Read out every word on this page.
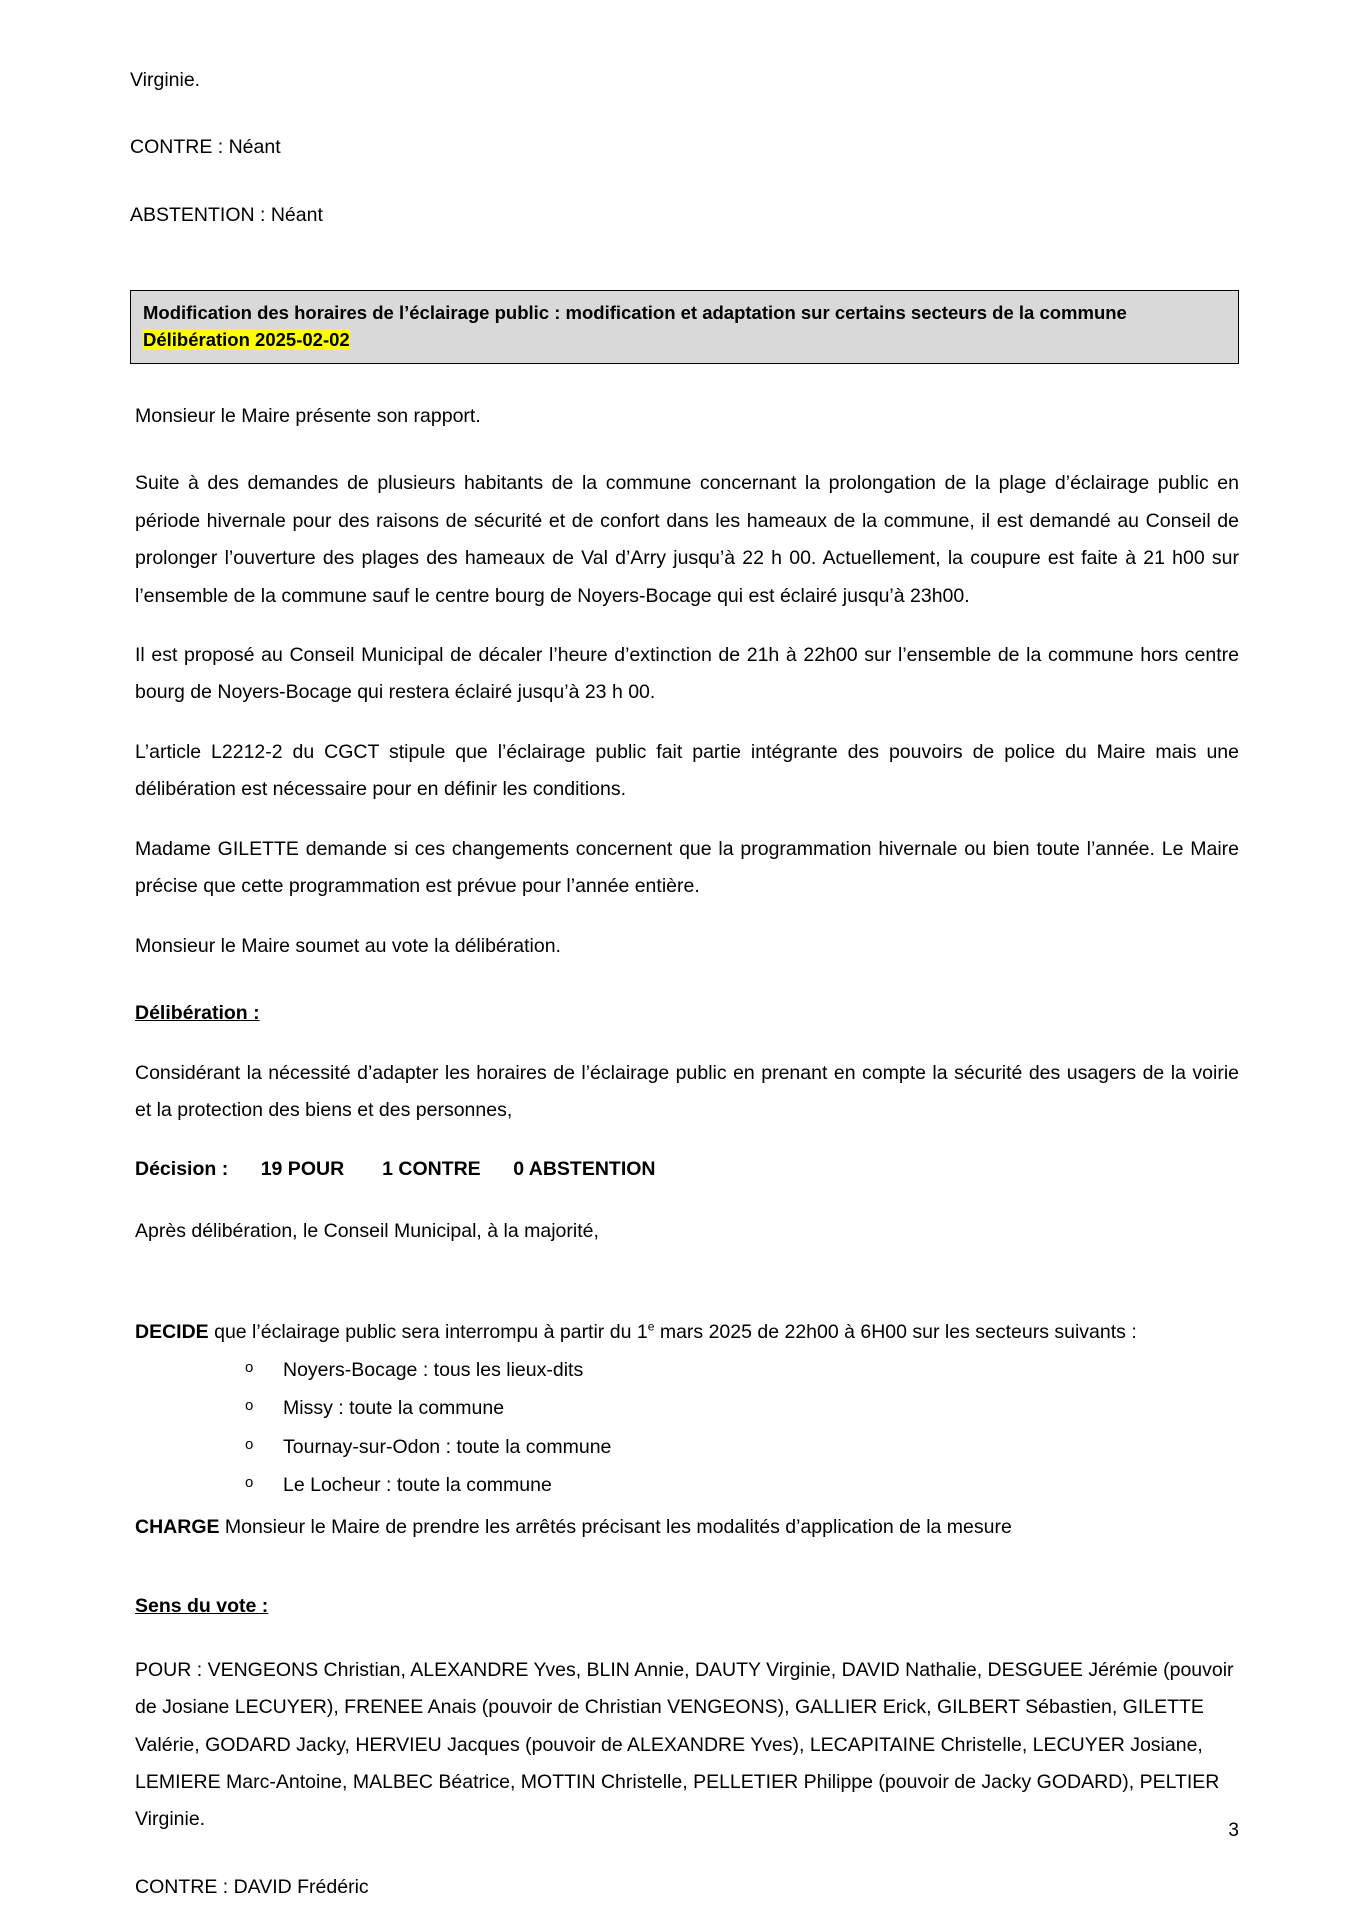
Virginie.

CONTRE : Néant

ABSTENTION : Néant

Modification des horaires de l’éclairage public : modification et adaptation sur certains secteurs de la commune
Délibération 2025-02-02

Monsieur le Maire présente son rapport.

Suite à des demandes de plusieurs habitants de la commune concernant la prolongation de la plage d’éclairage public en période hivernale pour des raisons de sécurité et de confort dans les hameaux de la commune, il est demandé au Conseil de prolonger l’ouverture des plages des hameaux de Val d’Arry jusqu’à 22 h 00. Actuellement, la coupure est faite à 21 h00 sur l’ensemble de la commune sauf le centre bourg de Noyers-Bocage qui est éclairé jusqu’à 23h00.

Il est proposé au Conseil Municipal de décaler l’heure d’extinction de 21h à 22h00 sur l’ensemble de la commune hors centre bourg de Noyers-Bocage qui restera éclairé jusqu’à 23 h 00.

L’article L2212-2 du CGCT stipule que l’éclairage public fait partie intégrante des pouvoirs de police du Maire mais une délibération est nécessaire pour en définir les conditions.

Madame GILETTE demande si ces changements concernent que la programmation hivernale ou bien toute l’année. Le Maire précise que cette programmation est prévue pour l’année entière.

Monsieur le Maire soumet au vote la délibération.

Délibération :

Considérant la nécessité d’adapter les horaires de l’éclairage public en prenant en compte la sécurité des usagers de la voirie et la protection des biens et des personnes,

Décision : 19 POUR 1 CONTRE 0 ABSTENTION

Après délibération, le Conseil Municipal, à la majorité,

DECIDE que l’éclairage public sera interrompu à partir du 1e mars 2025 de 22h00 à 6H00 sur les secteurs suivants :

o	Noyers-Bocage : tous les lieux-dits
o	Missy : toute la commune
o	Tournay-sur-Odon : toute la commune
o	Le Locheur : toute la commune

CHARGE Monsieur le Maire de prendre les arrêtés précisant les modalités d’application de la mesure

Sens du vote :

POUR : VENGEONS Christian, ALEXANDRE Yves, BLIN Annie, DAUTY Virginie, DAVID Nathalie, DESGUEE Jérémie (pouvoir de Josiane LECUYER), FRENEE Anais (pouvoir de Christian VENGEONS), GALLIER Erick, GILBERT Sébastien, GILETTE Valérie, GODARD Jacky, HERVIEU Jacques (pouvoir de ALEXANDRE Yves), LECAPITAINE Christelle, LECUYER Josiane, LEMIERE Marc-Antoine, MALBEC Béatrice, MOTTIN Christelle, PELLETIER Philippe (pouvoir de Jacky GODARD), PELTIER Virginie.

CONTRE : DAVID Frédéric

3
